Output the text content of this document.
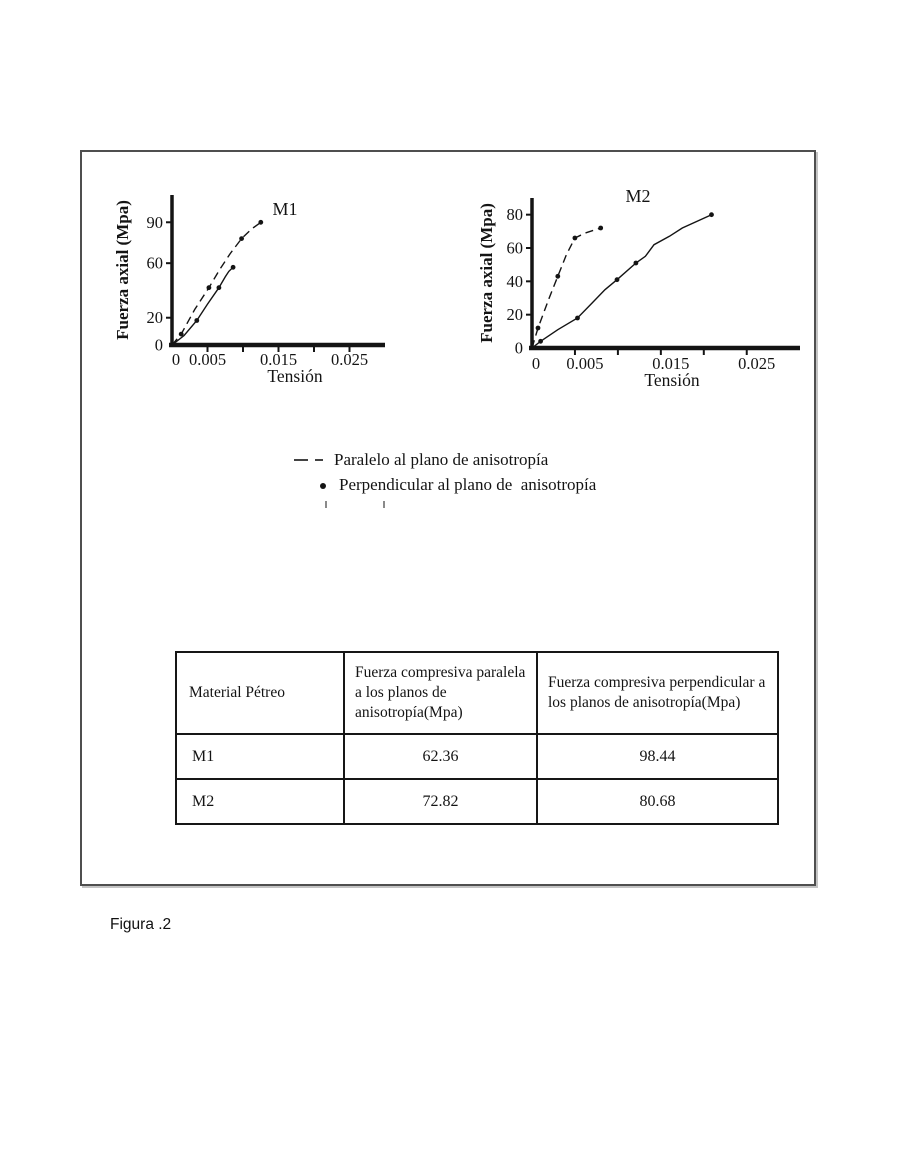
0 0.005 0.015 0.025
0
20
60
90
M1
Tensión
Fuerza axial (Mpa)
0 0.005	0.015	0.025
0
20
40
60
80
M2
Tensión
Fuerza axial (Mpa)
Paralelo al plano de anisotropía
Perpendicular al plano de  anisotropía
Material Pétreo	Fuerza compresiva paralela a los planos de anisotropía(Mpa)	Fuerza compresiva perpendicular a los planos de anisotropía(Mpa)
M1	62.36	98.44
M2	72.82	80.68
Figura .2
